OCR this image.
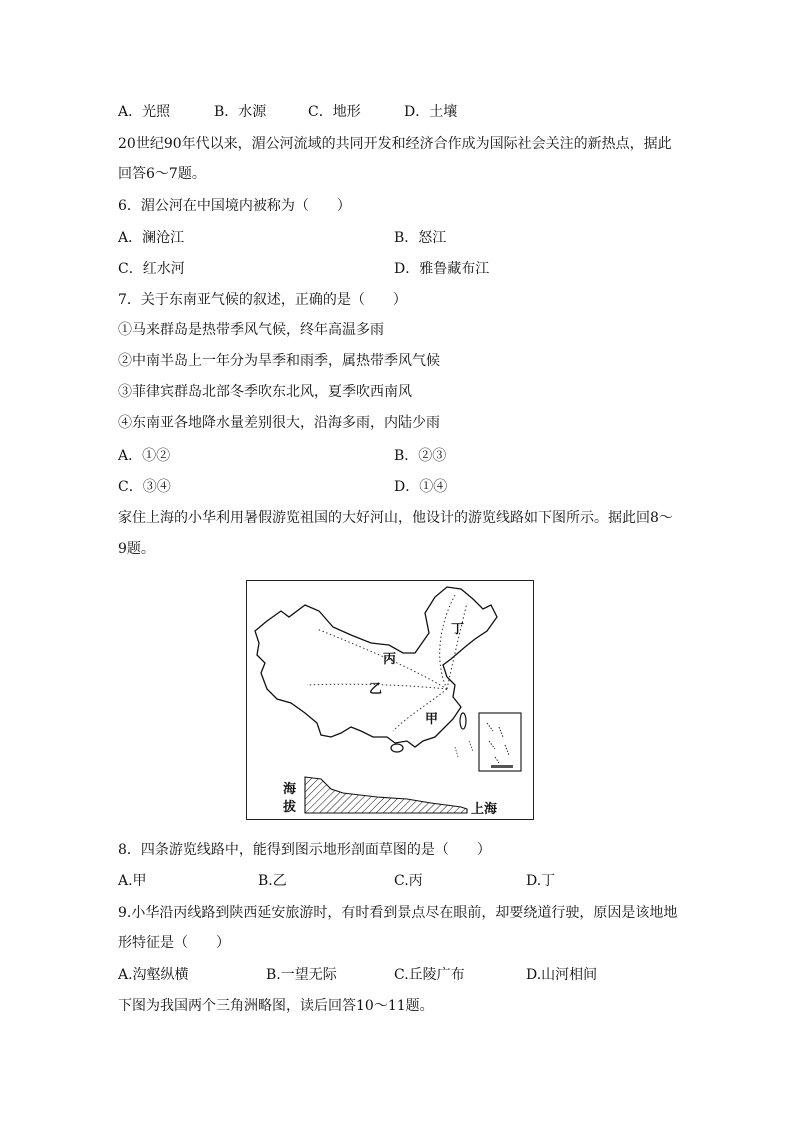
A．光照	B．水源	C．地形	D．土壤
20世纪90年代以来，湄公河流域的共同开发和经济合作成为国际社会关注的新热点，据此
回答6～7题。
6．湄公河在中国境内被称为（　　）
A．澜沧江	B．怒江
C．红水河	D．雅鲁藏布江
7．关于东南亚气候的叙述，正确的是（　　）
①马来群岛是热带季风气候，终年高温多雨
②中南半岛上一年分为旱季和雨季，属热带季风气候
③菲律宾群岛北部冬季吹东北风，夏季吹西南风
④东南亚各地降水量差别很大，沿海多雨，内陆少雨
A．①②	B．②③
C．③④	D．①④
家住上海的小华利用暑假游览祖国的大好河山，他设计的游览线路如下图所示。据此回8～
9题。
丙
乙
甲
丁
海
拔	上海
8．四条游览线路中，能得到图示地形剖面草图的是（　　）
A.甲	B.乙	C.丙	D.丁
9.小华沿丙线路到陕西延安旅游时，有时看到景点尽在眼前，却要绕道行驶，原因是该地地
形特征是（　　）
A.沟壑纵横	B.一望无际	C.丘陵广布	D.山河相间
下图为我国两个三角洲略图，读后回答10～11题。
